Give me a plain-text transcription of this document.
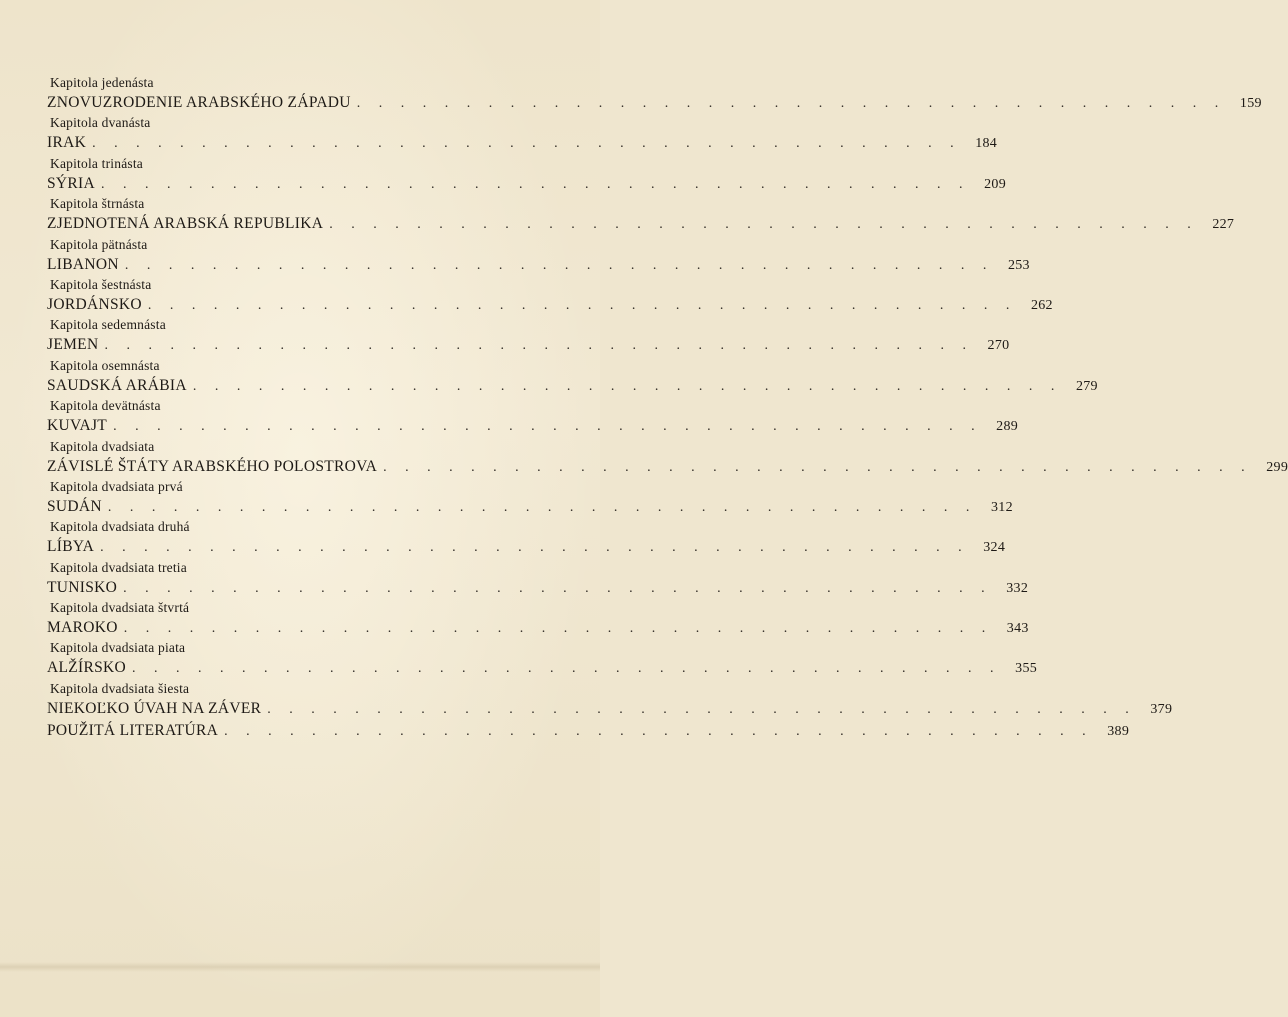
Kapitola jedenásta
ZNOVUZRODENIE ARABSKÉHO ZÁPADU . . . . . . . . . . . . . . . . . . . . . . . . . . . . . . . . . . . . . . . .	159
Kapitola dvanásta
IRAK . . . . . . . . . . . . . . . . . . . . . . . . . . . . . . . . . . . . . . . .	184
Kapitola trinásta
SÝRIA . . . . . . . . . . . . . . . . . . . . . . . . . . . . . . . . . . . . . . . .	209
Kapitola štrnásta
ZJEDNOTENÁ ARABSKÁ REPUBLIKA . . . . . . . . . . . . . . . . . . . . . . . . . . . . . . . . . . . . . . . .	227
Kapitola pätnásta
LIBANON . . . . . . . . . . . . . . . . . . . . . . . . . . . . . . . . . . . . . . . .	253
Kapitola šestnásta
JORDÁNSKO . . . . . . . . . . . . . . . . . . . . . . . . . . . . . . . . . . . . . . . .	262
Kapitola sedemnásta
JEMEN . . . . . . . . . . . . . . . . . . . . . . . . . . . . . . . . . . . . . . . .	270
Kapitola osemnásta
SAUDSKÁ ARÁBIA . . . . . . . . . . . . . . . . . . . . . . . . . . . . . . . . . . . . . . . .	279
Kapitola devätnásta
KUVAJT . . . . . . . . . . . . . . . . . . . . . . . . . . . . . . . . . . . . . . . .	289
Kapitola dvadsiata
ZÁVISLÉ ŠTÁTY ARABSKÉHO POLOSTROVA . . . . . . . . . . . . . . . . . . . . . . . . . . . . . . . . . . . . . . . .	299
Kapitola dvadsiata prvá
SUDÁN . . . . . . . . . . . . . . . . . . . . . . . . . . . . . . . . . . . . . . . .	312
Kapitola dvadsiata druhá
LÍBYA . . . . . . . . . . . . . . . . . . . . . . . . . . . . . . . . . . . . . . . .	324
Kapitola dvadsiata tretia
TUNISKO . . . . . . . . . . . . . . . . . . . . . . . . . . . . . . . . . . . . . . . .	332
Kapitola dvadsiata štvrtá
MAROKO . . . . . . . . . . . . . . . . . . . . . . . . . . . . . . . . . . . . . . . .	343
Kapitola dvadsiata piata
ALŽÍRSKO . . . . . . . . . . . . . . . . . . . . . . . . . . . . . . . . . . . . . . . .	355
Kapitola dvadsiata šiesta
NIEKOĽKO ÚVAH NA ZÁVER . . . . . . . . . . . . . . . . . . . . . . . . . . . . . . . . . . . . . . . .	379
POUŽITÁ LITERATÚRA . . . . . . . . . . . . . . . . . . . . . . . . . . . . . . . . . . . . . . . .	389
